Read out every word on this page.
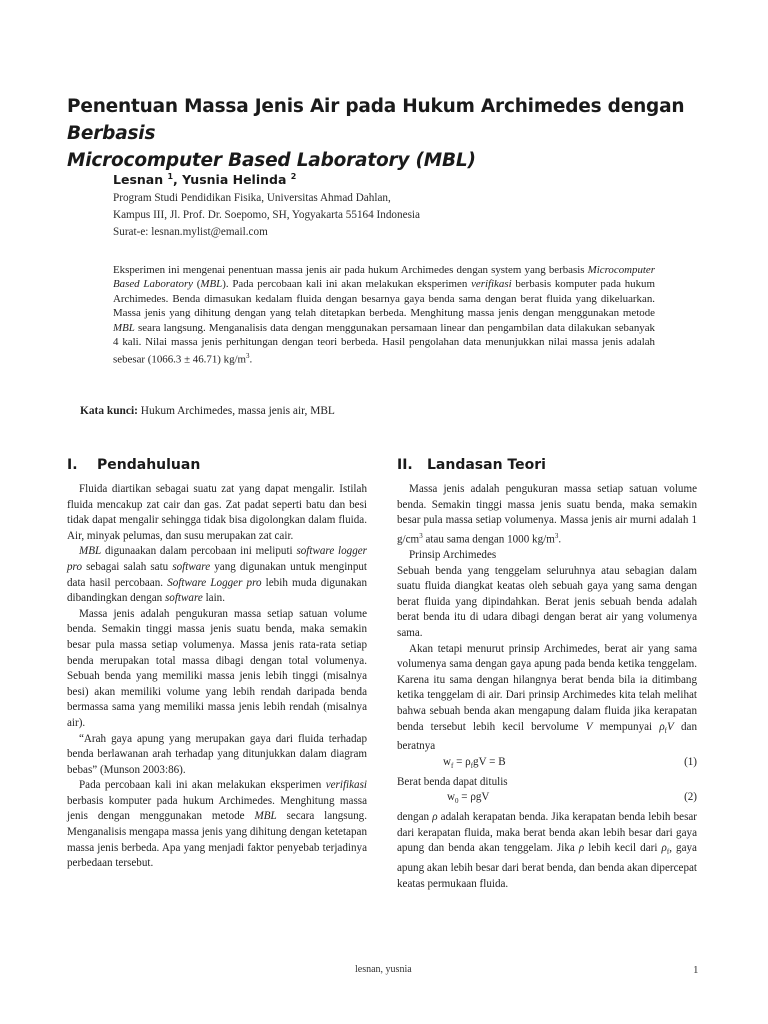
Penentuan Massa Jenis Air pada Hukum Archimedes dengan Berbasis
Microcomputer Based Laboratory (MBL)
Lesnan $^1$, Yusnia Helinda $^2$
Program Studi Pendidikan Fisika, Universitas Ahmad Dahlan,
Kampus III, Jl. Prof. Dr. Soepomo, SH, Yogyakarta 55164 Indonesia
Surat-e: lesnan.mylist@email.com
Eksperimen ini mengenai penentuan massa jenis air pada hukum Archimedes dengan system yang berbasis Microcomputer Based Laboratory (MBL). Pada percobaan kali ini akan melakukan eksperimen verifikasi berbasis komputer pada hukum Archimedes. Benda dimasukan kedalam fluida dengan besarnya gaya benda sama dengan berat fluida yang dikeluarkan. Massa jenis yang dihitung dengan yang telah ditetapkan berbeda. Menghitung massa jenis dengan menggunakan metode MBL seara langsung. Menganalisis data dengan menggunakan persamaan linear dan pengambilan data dilakukan sebanyak 4 kali. Nilai massa jenis perhitungan dengan teori berbeda. Hasil pengolahan data menunjukkan nilai massa jenis adalah sebesar (1066.3 ± 46.71) $kg/m^3$.
Kata kunci: Hukum Archimedes, massa jenis air, MBL
I. Pendahuluan

Fluida diartikan sebagai suatu zat yang dapat mengalir. Istilah fluida mencakup zat cair dan gas. Zat padat seperti batu dan besi tidak dapat mengalir sehingga tidak bisa digolongkan dalam fluida. Air, minyak pelumas, dan susu merupakan zat cair.

MBL digunaakan dalam percobaan ini meliputi software logger pro sebagai salah satu software yang digunakan untuk menginput data hasil percobaan. Software Logger pro lebih muda digunakan dibandingkan dengan software lain.

Massa jenis adalah pengukuran massa setiap satuan volume benda. Semakin tinggi massa jenis suatu benda, maka semakin besar pula massa setiap volumenya. Massa jenis rata-rata setiap benda merupakan total massa dibagi dengan total volumenya. Sebuah benda yang memiliki massa jenis lebih tinggi (misalnya besi) akan memiliki volume yang lebih rendah daripada benda bermassa sama yang memiliki massa jenis lebih rendah (misalnya air).

“Arah gaya apung yang merupakan gaya dari fluida terhadap benda berlawanan arah terhadap yang ditunjukkan dalam diagram bebas” (Munson 2003:86).

Pada percobaan kali ini akan melakukan eksperimen verifikasi berbasis komputer pada hukum Archimedes. Menghitung massa jenis dengan menggunakan metode MBL secara langsung. Menganalisis mengapa massa jenis yang dihitung dengan ketetapan massa jenis berbeda. Apa yang menjadi faktor penyebab terjadinya perbedaan tersebut.

II. Landasan Teori

Massa jenis adalah pengukuran massa setiap satuan volume benda. Semakin tinggi massa jenis suatu benda, maka semakin besar pula massa setiap volumenya. Massa jenis air murni adalah 1 $g/cm^3$ atau sama dengan 1000 $kg/m^3$.

Prinsip Archimedes

Sebuah benda yang tenggelam seluruhnya atau sebagian dalam suatu fluida diangkat keatas oleh sebuah gaya yang sama dengan berat fluida yang dipindahkan. Berat jenis sebuah benda adalah berat benda itu di udara dibagi dengan berat air yang volumenya sama.

Akan tetapi menurut prinsip Archimedes, berat air yang sama volumenya sama dengan gaya apung pada benda ketika tenggelam. Karena itu sama dengan hilangnya berat benda bila ia ditimbang ketika tenggelam di air. Dari prinsip Archimedes kita telah melihat bahwa sebuah benda akan mengapung dalam fluida jika kerapatan benda tersebut lebih kecil bervolume V mempunyai $\rho_fV$ dan beratnya

$w_f = \rho_fgV = B$	(1)

Berat benda dapat ditulis

$w_0 = \rho gV$	(2)

dengan ρ adalah kerapatan benda. Jika kerapatan benda lebih besar dari kerapatan fluida, maka berat benda akan lebih besar dari gaya apung dan benda akan tenggelam. Jika ρ lebih kecil dari $\rho_f$, gaya apung akan lebih besar dari berat benda, dan benda akan dipercepat keatas permukaan fluida.

lesnan, yusnia	1
